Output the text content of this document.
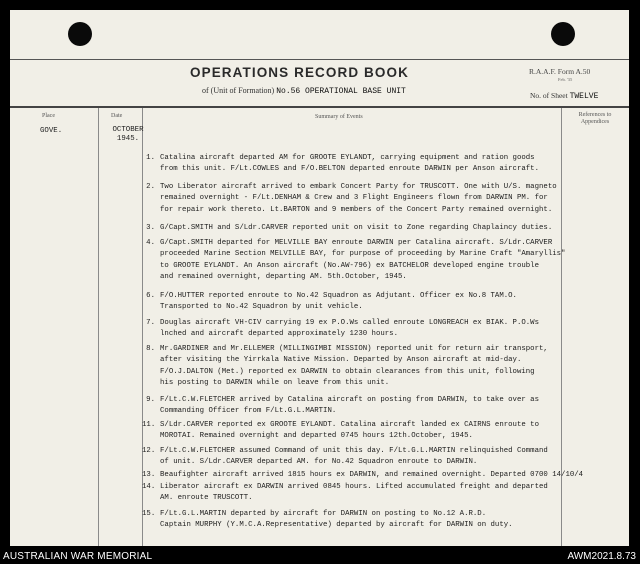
OPERATIONS RECORD BOOK
of (Unit of Formation) No.56 OPERATIONAL BASE UNIT
R.A.A.F. Form A.50
Feb. '35
No. of Sheet TWELVE
Place	Date	Summary of Events	References to Appendices
GOVE.	OCTOBER
1945.
1. Catalina aircraft departed AM for GROOTE EYLANDT, carrying equipment and ration goods
from this unit. F/Lt.COWLES and F/O.BELTON departed enroute DARWIN per Anson aircraft.
2. Two Liberator aircraft arrived to embark Concert Party for TRUSCOTT. One with U/S. magneto
remained overnight - F/Lt.DENHAM & Crew and 3 Flight Engineers flown from DARWIN PM. for
for repair work thereto. Lt.BARTON and 9 members of the Concert Party remained overnight.
3. G/Capt.SMITH and S/Ldr.CARVER reported unit on visit to Zone regarding Chaplaincy duties.
4. G/Capt.SMITH departed for MELVILLE BAY enroute DARWIN per Catalina aircraft. S/Ldr.CARVER
proceeded Marine Section MELVILLE BAY, for purpose of proceeding by Marine Craft "Amaryllis"
to GROOTE EYLANDT. An Anson aircraft (No.AW-796) ex BATCHELOR developed engine trouble
and remained overnight, departing AM. 5th.October, 1945.
6. F/O.HUTTER reported enroute to No.42 Squadron as Adjutant. Officer ex No.8 TAM.O.
Transported to No.42 Squadron by unit vehicle.
7. Douglas aircraft VH-CIV carrying 19 ex P.O.Ws called enroute LONGREACH ex BIAK. P.O.Ws
lnched and aircraft departed approximately 1230 hours.
8. Mr.GARDINER and Mr.ELLEMER (MILLINGIMBI MISSION) reported unit for return air transport,
after visiting the Yirrkala Native Mission. Departed by Anson aircraft at mid-day.
F/O.J.DALTON (Met.) reported ex DARWIN to obtain clearances from this unit, following
his posting to DARWIN while on leave from this unit.
9. F/Lt.C.W.FLETCHER arrived by Catalina aircraft on posting from DARWIN, to take over as
Commanding Officer from F/Lt.G.L.MARTIN.
11. S/Ldr.CARVER reported ex GROOTE EYLANDT. Catalina aircraft landed ex CAIRNS enroute to
MOROTAI. Remained overnight and departed 0745 hours 12th.October, 1945.
12. F/Lt.C.W.FLETCHER assumed Command of unit this day. F/Lt.G.L.MARTIN relinquished Command
of unit. S/Ldr.CARVER departed AM. for No.42 Squadron enroute to DARWIN.
13. Beaufighter aircraft arrived 1815 hours ex DARWIN, and remained overnight. Departed 0700 14/10/4
14. Liberator aircraft ex DARWIN arrived 0845 hours. Lifted accumulated freight and departed
AM. enroute TRUSCOTT.
15. F/Lt.G.L.MARTIN departed by aircraft for DARWIN on posting to No.12 A.R.D.
Captain MURPHY (Y.M.C.A.Representative) departed by aircraft for DARWIN on duty.
AUSTRALIAN WAR MEMORIAL	AWM2021.8.73
